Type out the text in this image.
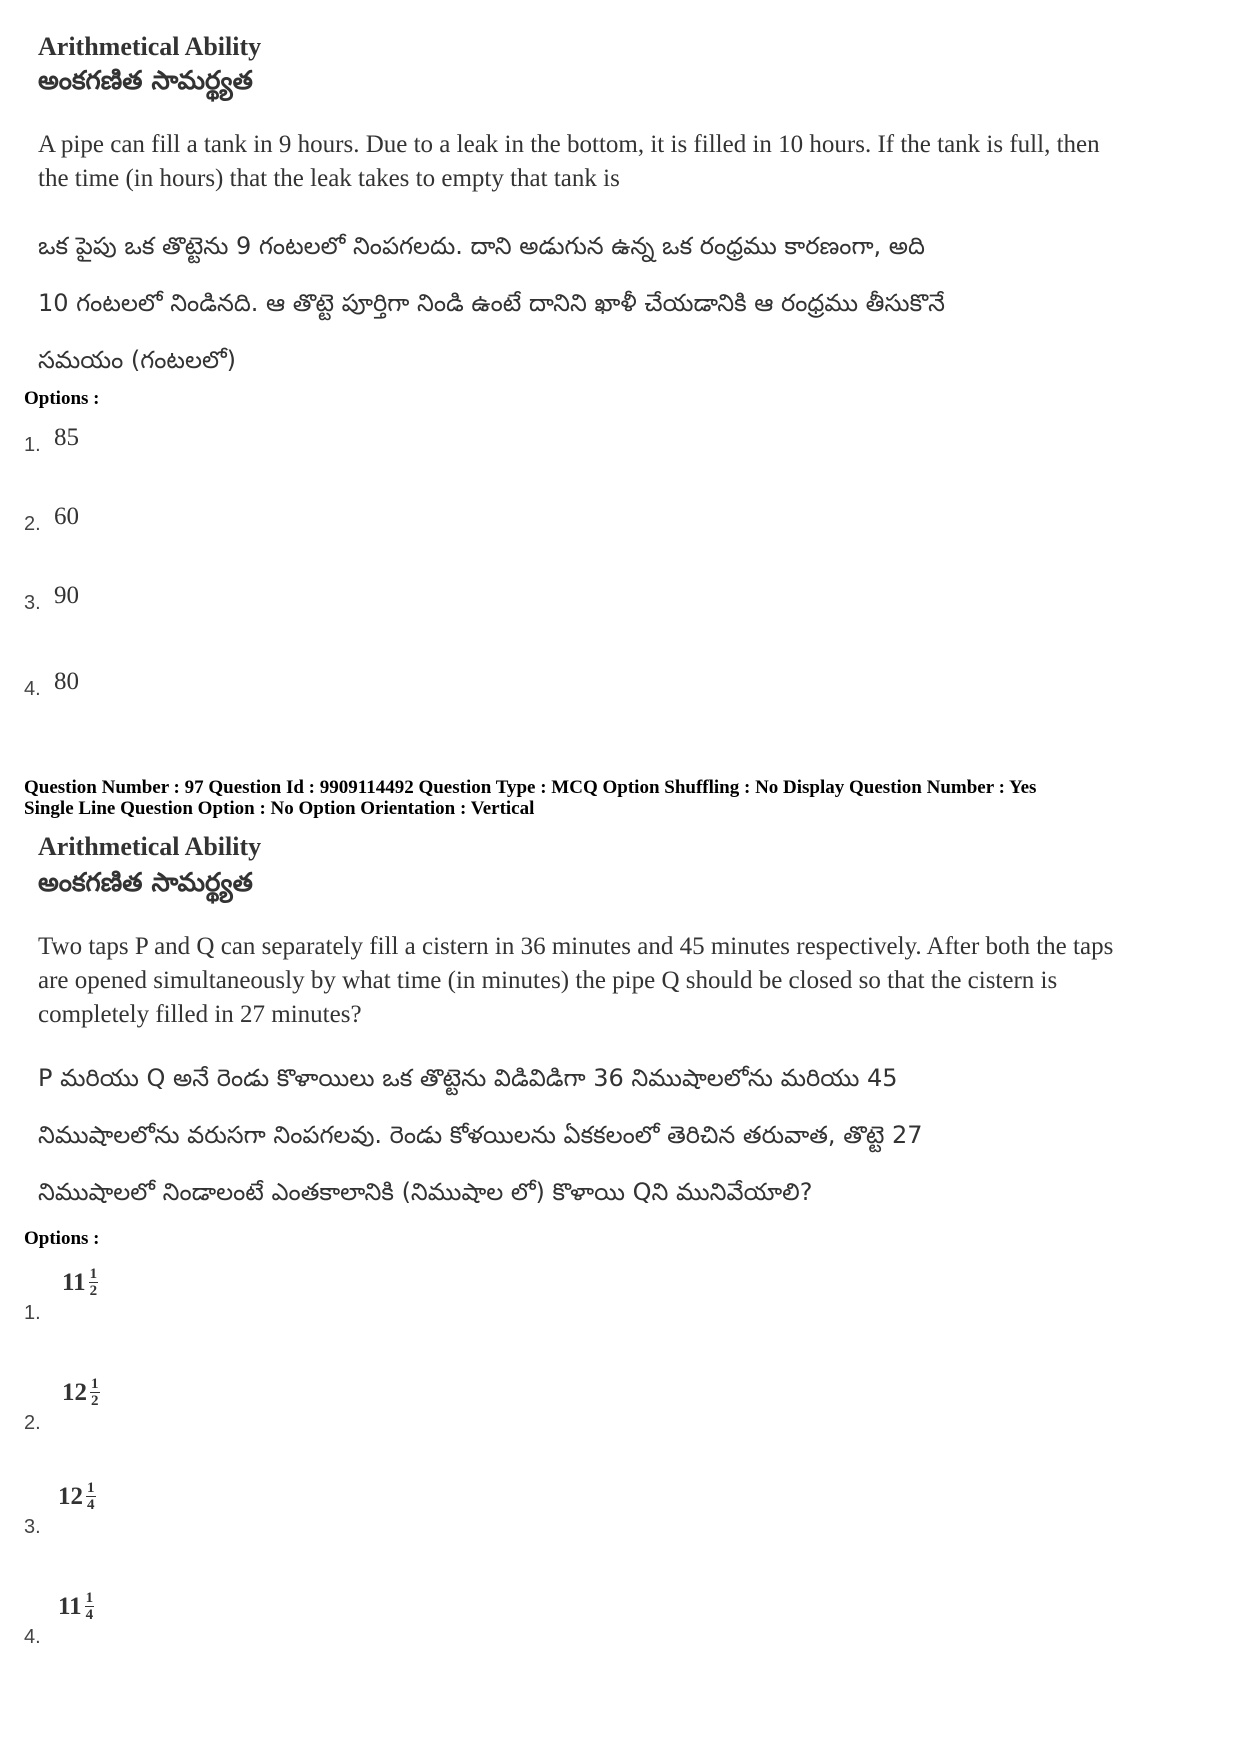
Arithmetical Ability
అంకగణిత సామర్థ్యత
A pipe can fill a tank in 9 hours. Due to a leak in the bottom, it is filled in 10 hours. If the tank is full, then the time (in hours) that the leak takes to empty that tank is
ఒక పైపు ఒక తొట్టెను 9 గంటలలో నింపగలదు. దాని అడుగున ఉన్న ఒక రంధ్రము కారణంగా, అది
10 గంటలలో నిండినది. ఆ తొట్టె పూర్తిగా నిండి ఉంటే దానిని ఖాళీ చేయడానికి ఆ రంధ్రము తీసుకొనే
సమయం (గంటలలో)
Options :
1. 85
2. 60
3. 90
4. 80
Question Number : 97 Question Id : 9909114492 Question Type : MCQ Option Shuffling : No Display Question Number : Yes
Single Line Question Option : No Option Orientation : Vertical
Arithmetical Ability
అంకగణిత సామర్థ్యత
Two taps P and Q can separately fill a cistern in 36 minutes and 45 minutes respectively. After both the taps are opened simultaneously by what time (in minutes) the pipe Q should be closed so that the cistern is completely filled in 27 minutes?
P మరియు Q అనే రెండు కొళాయిలు ఒక తొట్టెను విడివిడిగా 36 నిముషాలలోను మరియు 45
నిముషాలలోను వరుసగా నింపగలవు. రెండు కోళయిలను ఏకకలంలో తెరిచిన తరువాత, తొట్టె 27
నిముషాలలో నిండాలంటే ఎంతకాలానికి (నిముషాల లో) కొళాయి Qని మునివేయాలి?
Options :
1.
$11 \frac{1}{2}$
2.
$12 \frac{1}{2}$
3.
$12 \frac{1}{4}$
4.
$11 \frac{1}{4}$
